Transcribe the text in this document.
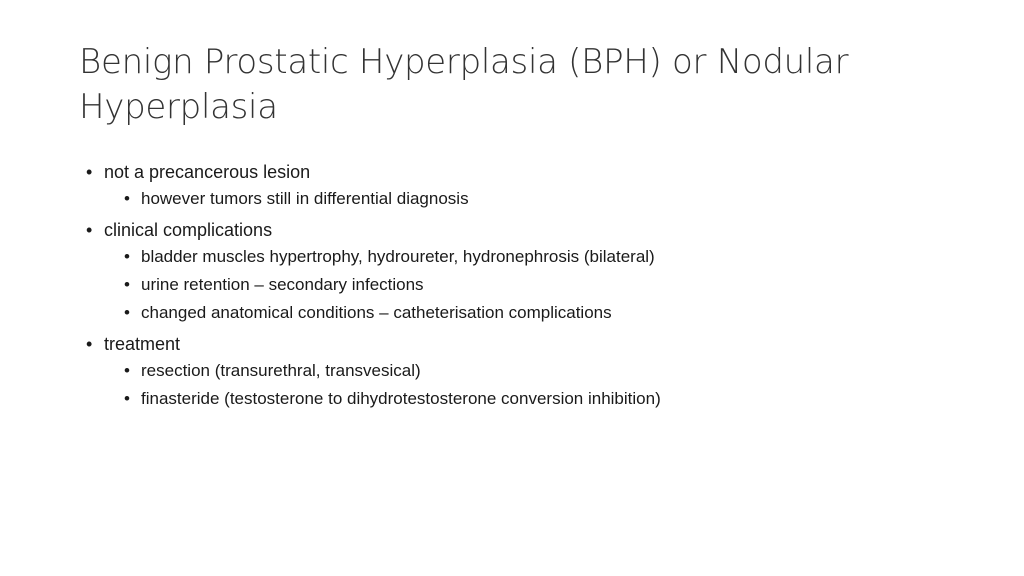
Benign Prostatic Hyperplasia (BPH) or Nodular Hyperplasia
• not a precancerous lesion
• however tumors still in differential diagnosis
• clinical complications
• bladder muscles hypertrophy, hydroureter, hydronephrosis (bilateral)
• urine retention – secondary infections
• changed anatomical conditions – catheterisation complications
• treatment
• resection (transurethral, transvesical)
• finasteride (testosterone to dihydrotestosterone conversion inhibition)
